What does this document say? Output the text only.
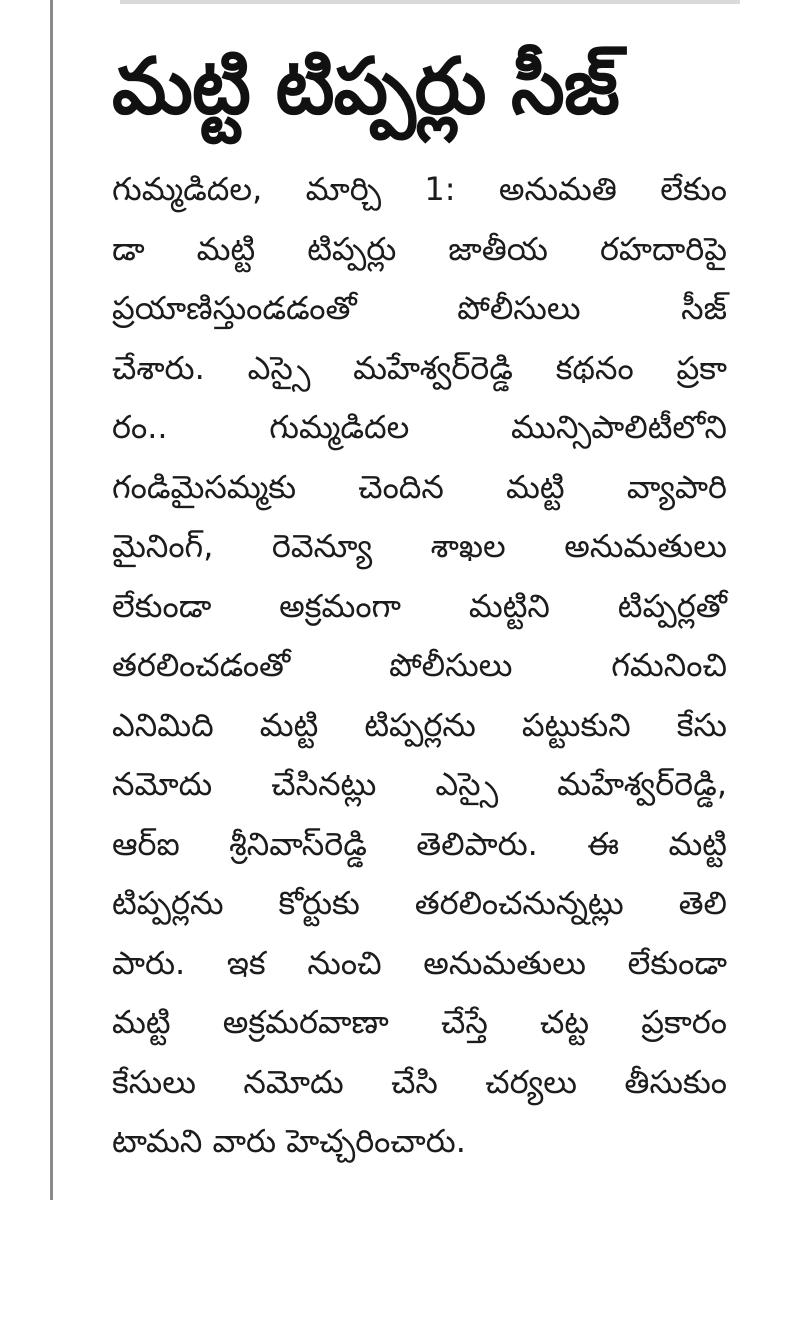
మట్టి టిప్పర్లు సీజ్
గుమ్మడిదల, మార్చి 1: అనుమతి లేకుం
డా మట్టి టిప్పర్లు జాతీయ రహదారిపై
ప్రయాణిస్తుండడంతో పోలీసులు సీజ్
చేశారు. ఎస్సై మహేశ్వర్‌రెడ్డి కథనం ప్రకా
రం.. గుమ్మడిదల మున్సిపాలిటీలోని
గండిమైసమ్మకు చెందిన మట్టి వ్యాపారి
మైనింగ్, రెవెన్యూ శాఖల అనుమతులు
లేకుండా అక్రమంగా మట్టిని టిప్పర్లతో
తరలించడంతో పోలీసులు గమనించి
ఎనిమిది మట్టి టిప్పర్లను పట్టుకుని కేసు
నమోదు చేసినట్లు ఎస్సై మహేశ్వర్‌రెడ్డి,
ఆర్ఐ శ్రీనివాస్‌రెడ్డి తెలిపారు. ఈ మట్టి
టిప్పర్లను కోర్టుకు తరలించనున్నట్లు తెలి
పారు. ఇక నుంచి అనుమతులు లేకుండా
మట్టి అక్రమరవాణా చేస్తే చట్ట ప్రకారం
కేసులు నమోదు చేసి చర్యలు తీసుకుం
టామని వారు హెచ్చరించారు.
